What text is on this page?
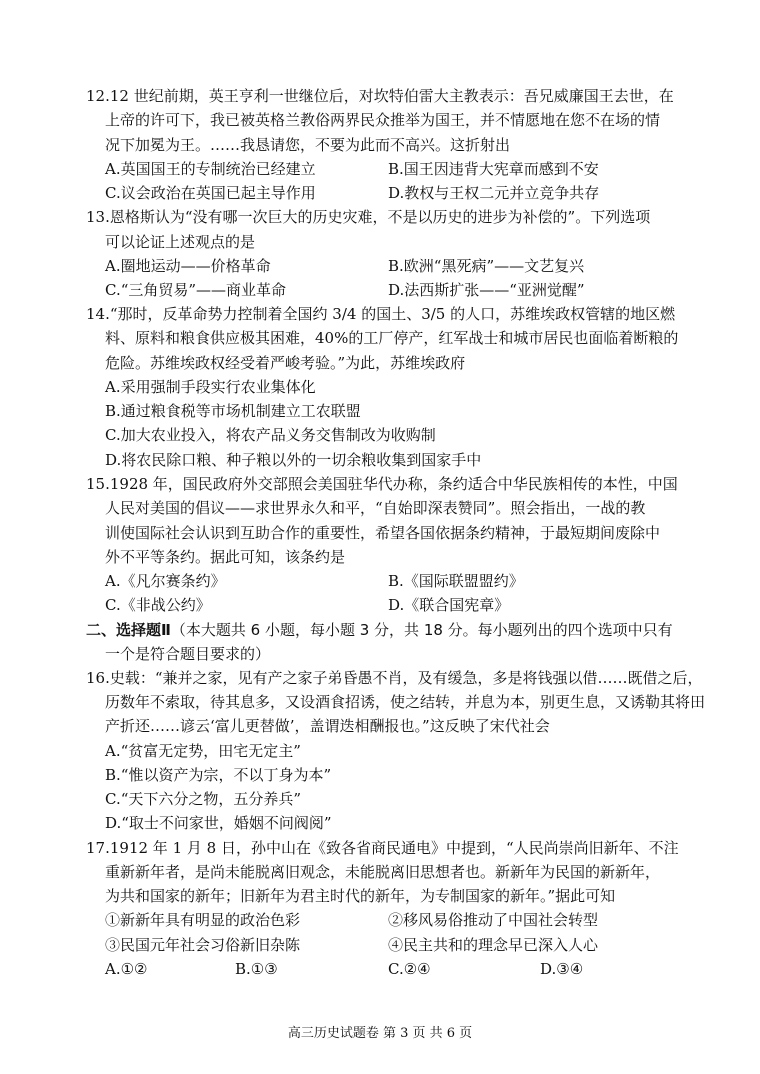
12.12 世纪前期，英王亨利一世继位后，对坎特伯雷大主教表示：吾兄威廉国王去世，在
上帝的许可下，我已被英格兰教俗两界民众推举为国王，并不情愿地在您不在场的情
况下加冕为王。……我恳请您，不要为此而不高兴。这折射出
A.英国国王的专制统治已经建立	B.国王因违背大宪章而感到不安
C.议会政治在英国已起主导作用	D.教权与王权二元并立竞争共存
13.恩格斯认为“没有哪一次巨大的历史灾难，不是以历史的进步为补偿的”。下列选项
可以论证上述观点的是
A.圈地运动——价格革命	B.欧洲“黑死病”——文艺复兴
C.“三角贸易”——商业革命	D.法西斯扩张——“亚洲觉醒”
14.“那时，反革命势力控制着全国约 3/4 的国土、3/5 的人口，苏维埃政权管辖的地区燃
料、原料和粮食供应极其困难，40%的工厂停产，红军战士和城市居民也面临着断粮的
危险。苏维埃政权经受着严峻考验。”为此，苏维埃政府
A.采用强制手段实行农业集体化
B.通过粮食税等市场机制建立工农联盟
C.加大农业投入，将农产品义务交售制改为收购制
D.将农民除口粮、种子粮以外的一切余粮收集到国家手中
15.1928 年，国民政府外交部照会美国驻华代办称，条约适合中华民族相传的本性，中国
人民对美国的倡议——求世界永久和平，“自始即深表赞同”。照会指出，一战的教
训使国际社会认识到互助合作的重要性，希望各国依据条约精神，于最短期间废除中
外不平等条约。据此可知，该条约是
A.《凡尔赛条约》	B.《国际联盟盟约》
C.《非战公约》	D.《联合国宪章》
二、选择题Ⅱ（本大题共 6 小题，每小题 3 分，共 18 分。每小题列出的四个选项中只有
一个是符合题目要求的）
16.史载：“兼并之家，见有产之家子弟昏愚不肖，及有缓急，多是将钱强以借……既借之后，
历数年不索取，待其息多，又设酒食招诱，使之结转，并息为本，别更生息，又诱勒其将田
产折还……谚云‘富儿更替做’，盖谓迭相酬报也。”这反映了宋代社会
A.“贫富无定势，田宅无定主”
B.“惟以资产为宗，不以丁身为本”
C.“天下六分之物，五分养兵”
D.“取士不问家世，婚姻不问阀阅”
17.1912 年 1 月 8 日，孙中山在《致各省商民通电》中提到，“人民尚崇尚旧新年、不注
重新新年者，是尚未能脱离旧观念，未能脱离旧思想者也。新新年为民国的新新年，
为共和国家的新年；旧新年为君主时代的新年，为专制国家的新年。”据此可知
①新新年具有明显的政治色彩	②移风易俗推动了中国社会转型
③民国元年社会习俗新旧杂陈	④民主共和的理念早已深入人心
A.①②	B.①③	C.②④	D.③④
高三历史试题卷 第 3 页 共 6 页
